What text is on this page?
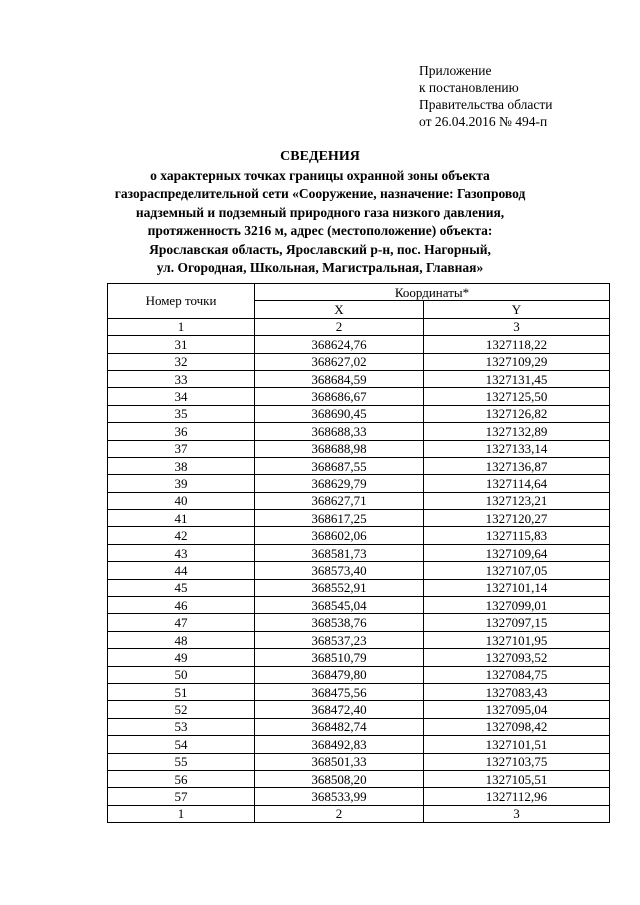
Приложение
к постановлению
Правительства области
от 26.04.2016 № 494-п
СВЕДЕНИЯ
о характерных точках границы охранной зоны объекта
газораспределительной сети «Сооружение, назначение: Газопровод
надземный и подземный природного газа низкого давления,
протяженность 3216 м, адрес (местоположение) объекта:
Ярославская область, Ярославский р-н, пос. Нагорный,
ул. Огородная, Школьная, Магистральная, Главная»
Номер точки	Координаты*	
	X	Y
1	2	3
31	368624,76	1327118,22
32	368627,02	1327109,29
33	368684,59	1327131,45
34	368686,67	1327125,50
35	368690,45	1327126,82
36	368688,33	1327132,89
37	368688,98	1327133,14
38	368687,55	1327136,87
39	368629,79	1327114,64
40	368627,71	1327123,21
41	368617,25	1327120,27
42	368602,06	1327115,83
43	368581,73	1327109,64
44	368573,40	1327107,05
45	368552,91	1327101,14
46	368545,04	1327099,01
47	368538,76	1327097,15
48	368537,23	1327101,95
49	368510,79	1327093,52
50	368479,80	1327084,75
51	368475,56	1327083,43
52	368472,40	1327095,04
53	368482,74	1327098,42
54	368492,83	1327101,51
55	368501,33	1327103,75
56	368508,20	1327105,51
57	368533,99	1327112,96
1	2	3
